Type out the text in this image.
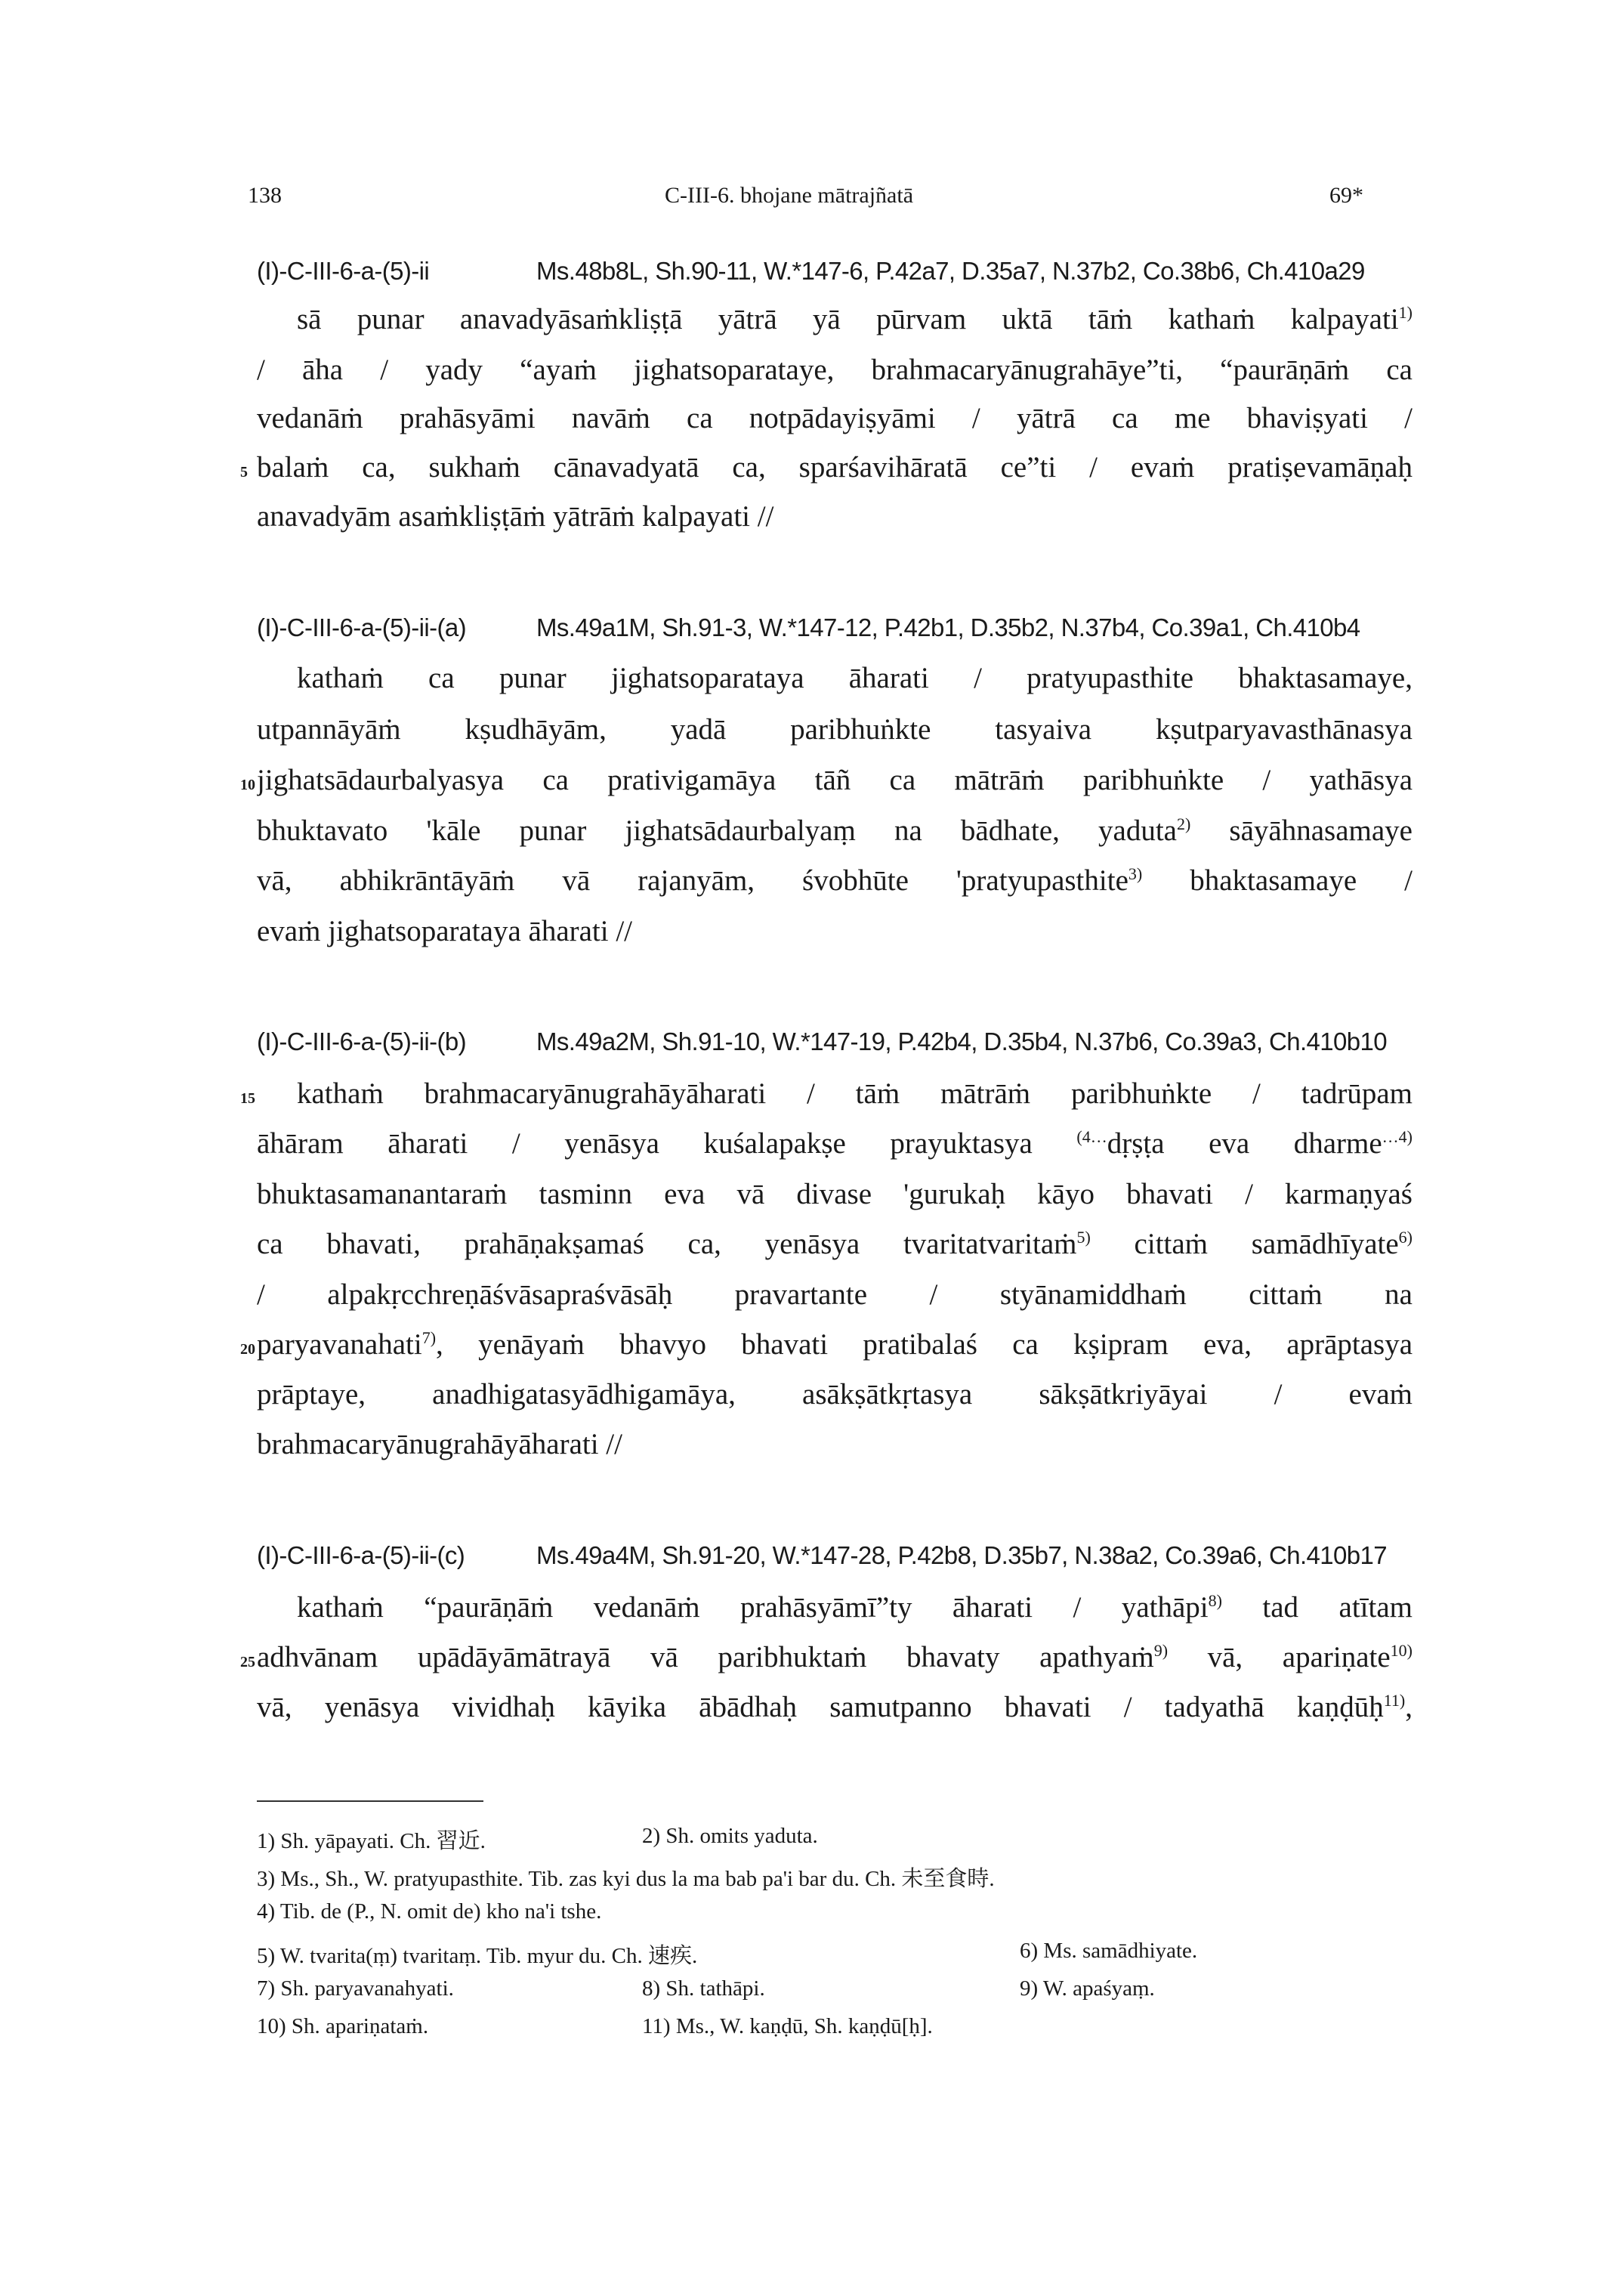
138	C-III-6. bhojane mātrajñatā	69*
(I)-C-III-6-a-(5)-ii	Ms.48b8L, Sh.90-11, W.*147-6, P.42a7, D.35a7, N.37b2, Co.38b6, Ch.410a29
sā punar anavadyāsaṁkliṣṭā yātrā yā pūrvam uktā tāṁ kathaṁ kalpayati$^{1)}$
/ āha / yady “ayaṁ jighatsoparataye, brahmacaryānugrahāye”ti, “paurāṇāṁ ca
vedanāṁ prahāsyāmi navāṁ ca notpādayiṣyāmi / yātrā ca me bhaviṣyati /
balaṁ ca, sukhaṁ cānavadyatā ca, sparśavihāratā ce”ti / evaṁ pratiṣevamāṇaḥ
anavadyām asaṁkliṣṭāṁ yātrāṁ kalpayati //
(I)-C-III-6-a-(5)-ii-(a)	Ms.49a1M, Sh.91-3, W.*147-12, P.42b1, D.35b2, N.37b4, Co.39a1, Ch.410b4
kathaṁ ca punar jighatsoparataya āharati / pratyupasthite bhaktasamaye,
utpannāyāṁ kṣudhāyām, yadā paribhuṅkte tasyaiva kṣutparyavasthānasya
jighatsādaurbalyasya ca prativigamāya tāñ ca mātrāṁ paribhuṅkte / yathāsya
bhuktavato 'kāle punar jighatsādaurbalyaṃ na bādhate, yaduta$^{2)}$ sāyāhnasamaye
vā, abhikrāntāyāṁ vā rajanyām, śvobhūte 'pratyupasthite$^{3)}$ bhaktasamaye /
evaṁ jighatsoparataya āharati //
(I)-C-III-6-a-(5)-ii-(b)	Ms.49a2M, Sh.91-10, W.*147-19, P.42b4, D.35b4, N.37b6, Co.39a3, Ch.410b10
kathaṁ brahmacaryānugrahāyāharati / tāṁ mātrāṁ paribhuṅkte / tadrūpam
āhāram āharati / yenāsya kuśalapakṣe prayuktasya $^{(4\dots}$dṛṣṭa eva dharme$^{\dots 4)}$
bhuktasamanantaraṁ tasminn eva vā divase 'gurukaḥ kāyo bhavati / karmaṇyaś
ca bhavati, prahāṇakṣamaś ca, yenāsya tvaritatvaritaṁ$^{5)}$ cittaṁ samādhīyate$^{6)}$
/ alpakṛcchreṇāśvāsapraśvāsāḥ pravartante / styānamiddhaṁ cittaṁ na
paryavanahati$^{7)}$, yenāyaṁ bhavyo bhavati pratibalaś ca kṣipram eva, aprāptasya
prāptaye, anadhigatasyādhigamāya, asākṣātkṛtasya sākṣātkriyāyai / evaṁ
brahmacaryānugrahāyāharati //
(I)-C-III-6-a-(5)-ii-(c)	Ms.49a4M, Sh.91-20, W.*147-28, P.42b8, D.35b7, N.38a2, Co.39a6, Ch.410b17
kathaṁ “paurāṇāṁ vedanāṁ prahāsyāmī”ty āharati / yathāpi$^{8)}$ tad atītam
adhvānam upādāyāmātrayā vā paribhuktaṁ bhavaty apathyaṁ$^{9)}$ vā, apariṇate$^{10)}$
vā, yenāsya vividhaḥ kāyika ābādhaḥ samutpanno bhavati / tadyathā kaṇḍūḥ$^{11)}$,
5
10
15
20
25
1) Sh. yāpayati. Ch. 習近.	2) Sh. omits yaduta.
3) Ms., Sh., W. pratyupasthite. Tib. zas kyi dus la ma bab pa'i bar du. Ch. 未至食時.
4) Tib. de (P., N. omit de) kho na'i tshe.
5) W. tvarita(ṃ) tvaritaṃ. Tib. myur du. Ch. 速疾.	6) Ms. samādhiyate.
7) Sh. paryavanahyati.	8) Sh. tathāpi.	9) W. apaśyaṃ.
10) Sh. apariṇataṁ.	11) Ms., W. kaṇḍū, Sh. kaṇḍū[ḥ].
